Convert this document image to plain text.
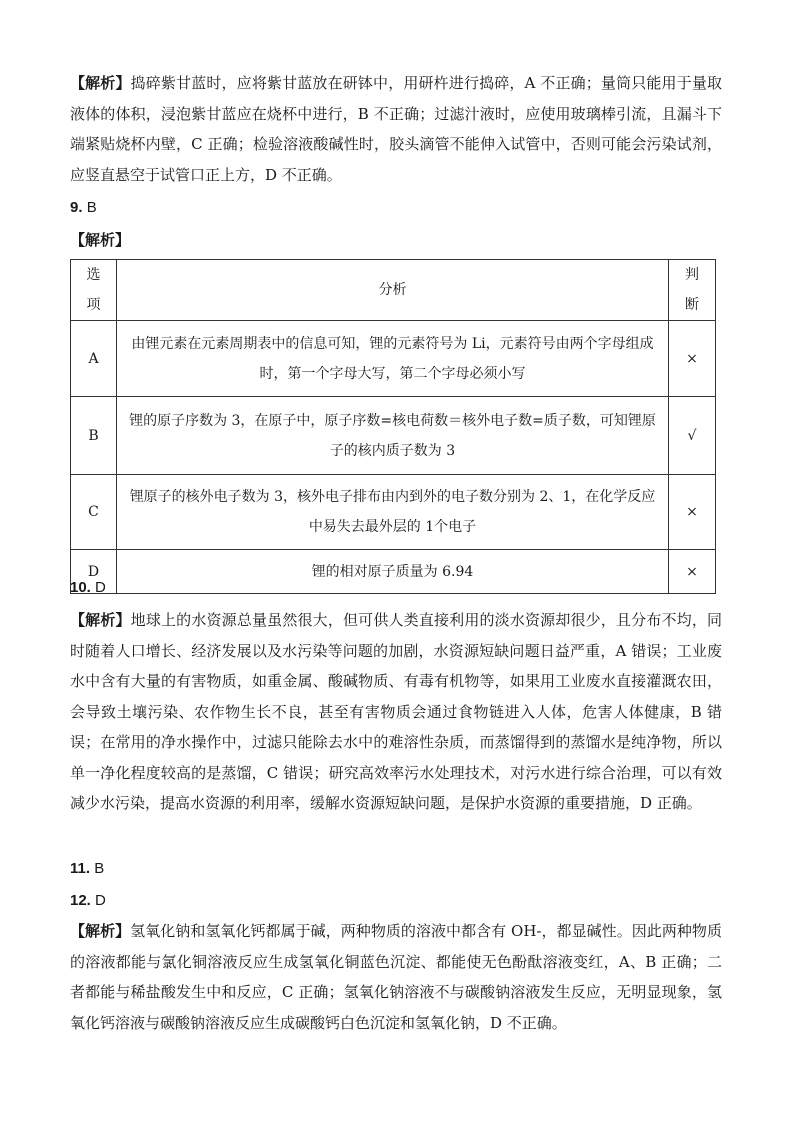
【解析】捣碎紫甘蓝时，应将紫甘蓝放在研钵中，用研杵进行捣碎，A 不正确；量筒只能用于量取液体的体积，浸泡紫甘蓝应在烧杯中进行，B 不正确；过滤汁液时，应使用玻璃棒引流，且漏斗下端紧贴烧杯内壁，C 正确；检验溶液酸碱性时，胶头滴管不能伸入试管中，否则可能会污染试剂，应竖直悬空于试管口正上方，D 不正确。
9. B
【解析】
选项	分析	判断
A	由锂元素在元素周期表中的信息可知，锂的元素符号为 Li，元素符号由两个字母组成时，第一个字母大写，第二个字母必须小写	×
B	锂的原子序数为 3，在原子中，原子序数=核电荷数＝核外电子数=质子数，可知锂原子的核内质子数为 3	√
C	锂原子的核外电子数为 3，核外电子排布由内到外的电子数分别为 2、1，在化学反应中易失去最外层的 1个电子	×
D	锂的相对原子质量为 6.94	×
10. D
【解析】地球上的水资源总量虽然很大，但可供人类直接利用的淡水资源却很少，且分布不均，同时随着人口增长、经济发展以及水污染等问题的加剧，水资源短缺问题日益严重，A 错误；工业废水中含有大量的有害物质，如重金属、酸碱物质、有毒有机物等，如果用工业废水直接灌溉农田，会导致土壤污染、农作物生长不良，甚至有害物质会通过食物链进入人体，危害人体健康，B 错误；在常用的净水操作中，过滤只能除去水中的难溶性杂质，而蒸馏得到的蒸馏水是纯净物，所以单一净化程度较高的是蒸馏，C 错误；研究高效率污水处理技术，对污水进行综合治理，可以有效减少水污染，提高水资源的利用率，缓解水资源短缺问题，是保护水资源的重要措施，D 正确。
11. B
12. D
【解析】氢氧化钠和氢氧化钙都属于碱，两种物质的溶液中都含有 OH-，都显碱性。因此两种物质的溶液都能与氯化铜溶液反应生成氢氧化铜蓝色沉淀、都能使无色酚酞溶液变红，A、B 正确；二者都能与稀盐酸发生中和反应，C 正确；氢氧化钠溶液不与碳酸钠溶液发生反应，无明显现象，氢氧化钙溶液与碳酸钠溶液反应生成碳酸钙白色沉淀和氢氧化钠，D 不正确。
